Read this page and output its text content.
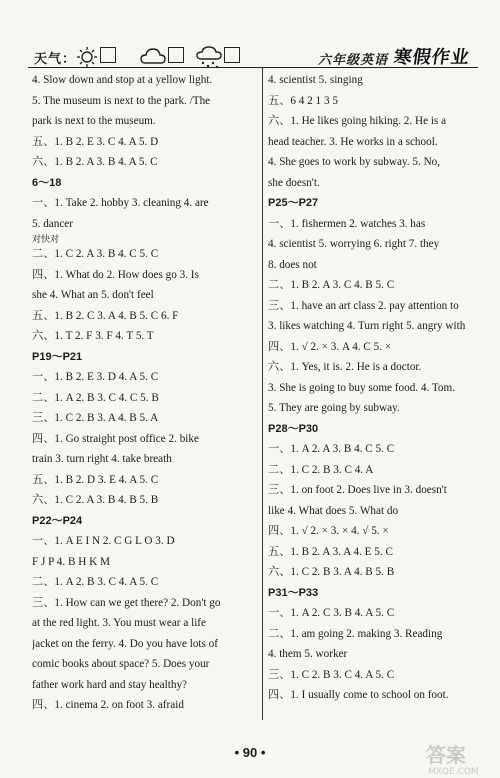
天气：	六年级英语 寒假作业
4. Slow down and stop at a yellow light.
5. The museum is next to the park. /The
park is next to the museum.
五、1. B 2. E 3. C 4. A 5. D
六、1. B 2. A 3. B 4. A 5. C
6～18
一、1. Take 2. hobby 3. cleaning 4. are
5. dancer
对快对
二、1. C 2. A 3. B 4. C 5. C
四、1. What do 2. How does go 3. Is
she 4. What an 5. don't feel
五、1. B 2. C 3. A 4. B 5. C 6. F
六、1. T 2. F 3. F 4. T 5. T
P19～P21
一、1. B 2. E 3. D 4. A 5. C
二、1. A 2. B 3. C 4. C 5. B
三、1. C 2. B 3. A 4. B 5. A
四、1. Go straight post office 2. bike
train 3. turn right 4. take breath
五、1. B 2. D 3. E 4. A 5. C
六、1. C 2. A 3. B 4. B 5. B
P22～P24
一、1. A E I N 2. C G L O 3. D
F J P 4. B H K M
二、1. A 2. B 3. C 4. A 5. C
三、1. How can we get there? 2. Don't go
at the red light. 3. You must wear a life
jacket on the ferry. 4. Do you have lots of
comic books about space? 5. Does your
father work hard and stay healthy?
四、1. cinema 2. on foot 3. afraid
4. scientist 5. singing
五、6 4 2 1 3 5
六、1. He likes going hiking. 2. He is a
head teacher. 3. He works in a school.
4. She goes to work by subway. 5. No,
she doesn't.
P25～P27
一、1. fishermen 2. watches 3. has
4. scientist 5. worrying 6. right 7. they
8. does not
二、1. B 2. A 3. C 4. B 5. C
三、1. have an art class 2. pay attention to
3. likes watching 4. Turn right 5. angry with
四、1. √ 2. × 3. A 4. C 5. ×
六、1. Yes, it is. 2. He is a doctor.
3. She is going to buy some food. 4. Tom.
5. They are going by subway.
P28～P30
一、1. A 2. A 3. B 4. C 5. C
二、1. C 2. B 3. C 4. A
三、1. on foot 2. Does live in 3. doesn't
like 4. What does 5. What do
四、1. √ 2. × 3. × 4. √ 5. ×
五、1. B 2. A 3. A 4. E 5. C
六、1. C 2. B 3. A 4. B 5. B
P31～P33
一、1. A 2. C 3. B 4. A 5. C
二、1. am going 2. making 3. Reading
4. them 5. worker
三、1. C 2. B 3. C 4. A 5. C
四、1. I usually come to school on foot.
• 90 •	答案
MXQE.COM
